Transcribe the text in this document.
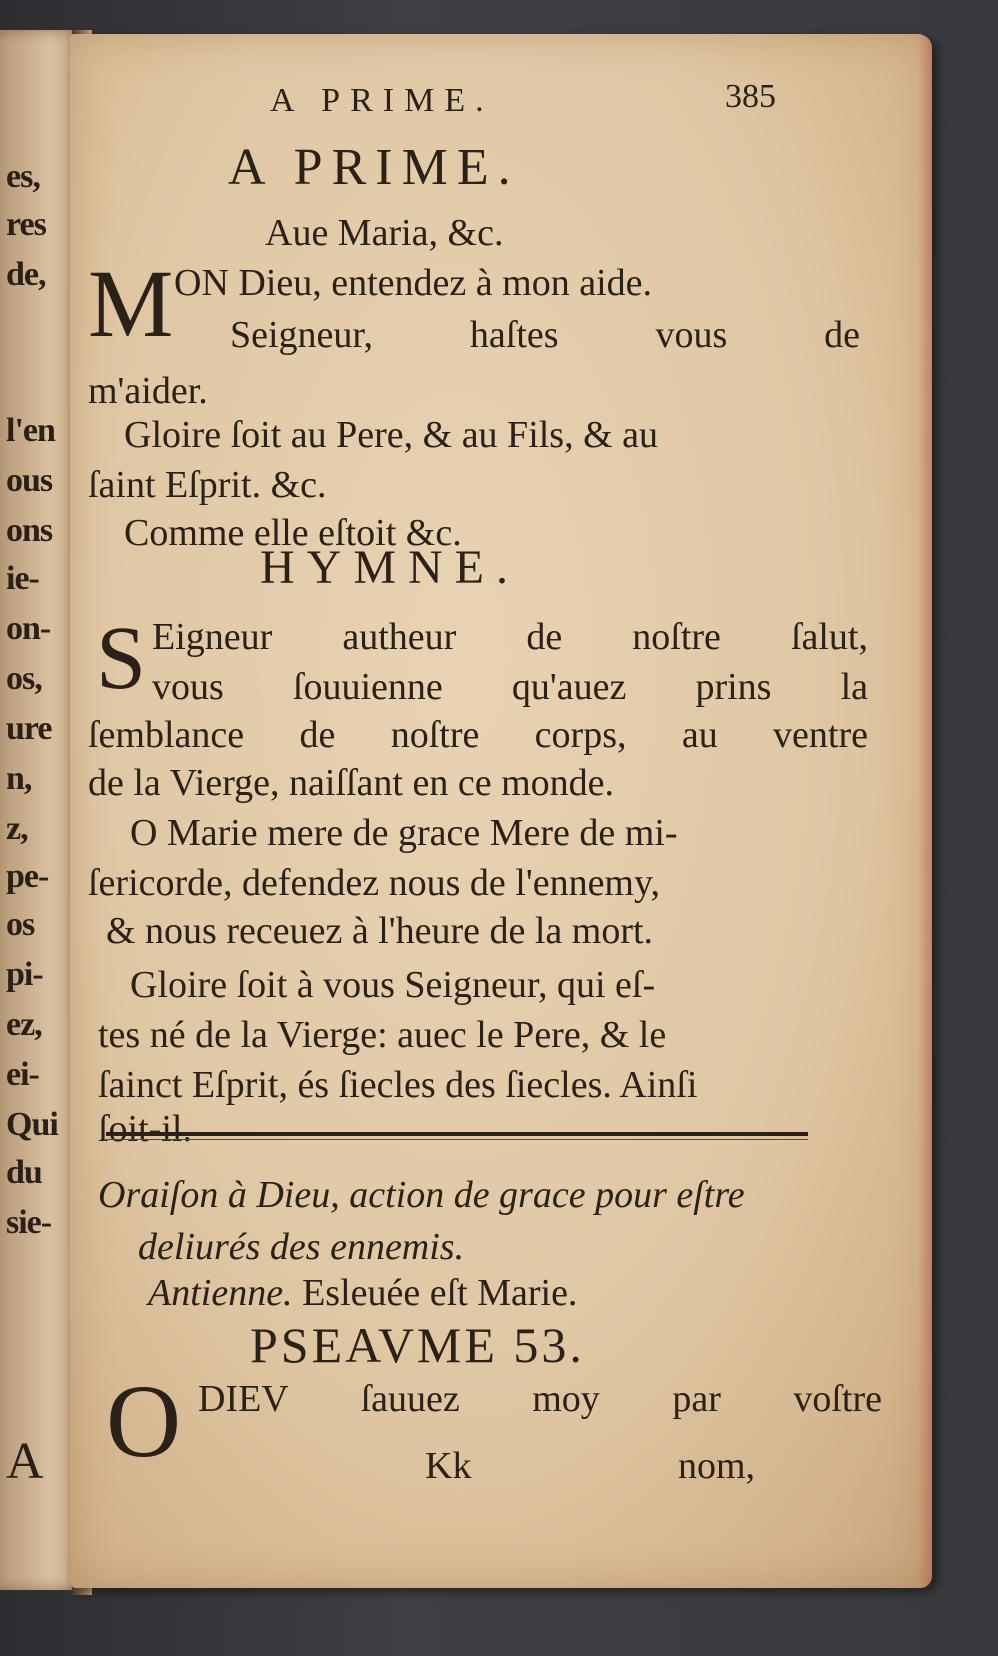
es,
res
de,
l'en
ous
ons
ie-
on-
os,
ure
n,
z,
pe-
os
pi-
ez,
ei-
Qui
du
sie-
A
A PRIME.	385
A PRIME.
Aue Maria, &c.
M ON Dieu, entendez à mon aide.
Seigneur, haſtes vous de
m'aider.
Gloire ſoit au Pere, & au Fils, & au
ſaint Eſprit. &c.
Comme elle eſtoit &c.
HYMNE.
S Eigneur autheur de noſtre ſalut,
vous ſouuienne qu'auez prins la
ſemblance de noſtre corps, au ventre
de la Vierge, naiſſant en ce monde.
O Marie mere de grace Mere de mi-
ſericorde, defendez nous de l'ennemy,
& nous receuez à l'heure de la mort.
Gloire ſoit à vous Seigneur, qui eſ-
tes né de la Vierge: auec le Pere, & le
ſainct Eſprit, és ſiecles des ſiecles. Ainſi
ſoit-il.
Oraiſon à Dieu, action de grace pour eſtre
deliurés des ennemis.
Antienne. Esleuée eſt Marie.
PSEAVME 53.
O DIEV ſauuez moy par voſtre
Kk	nom,
